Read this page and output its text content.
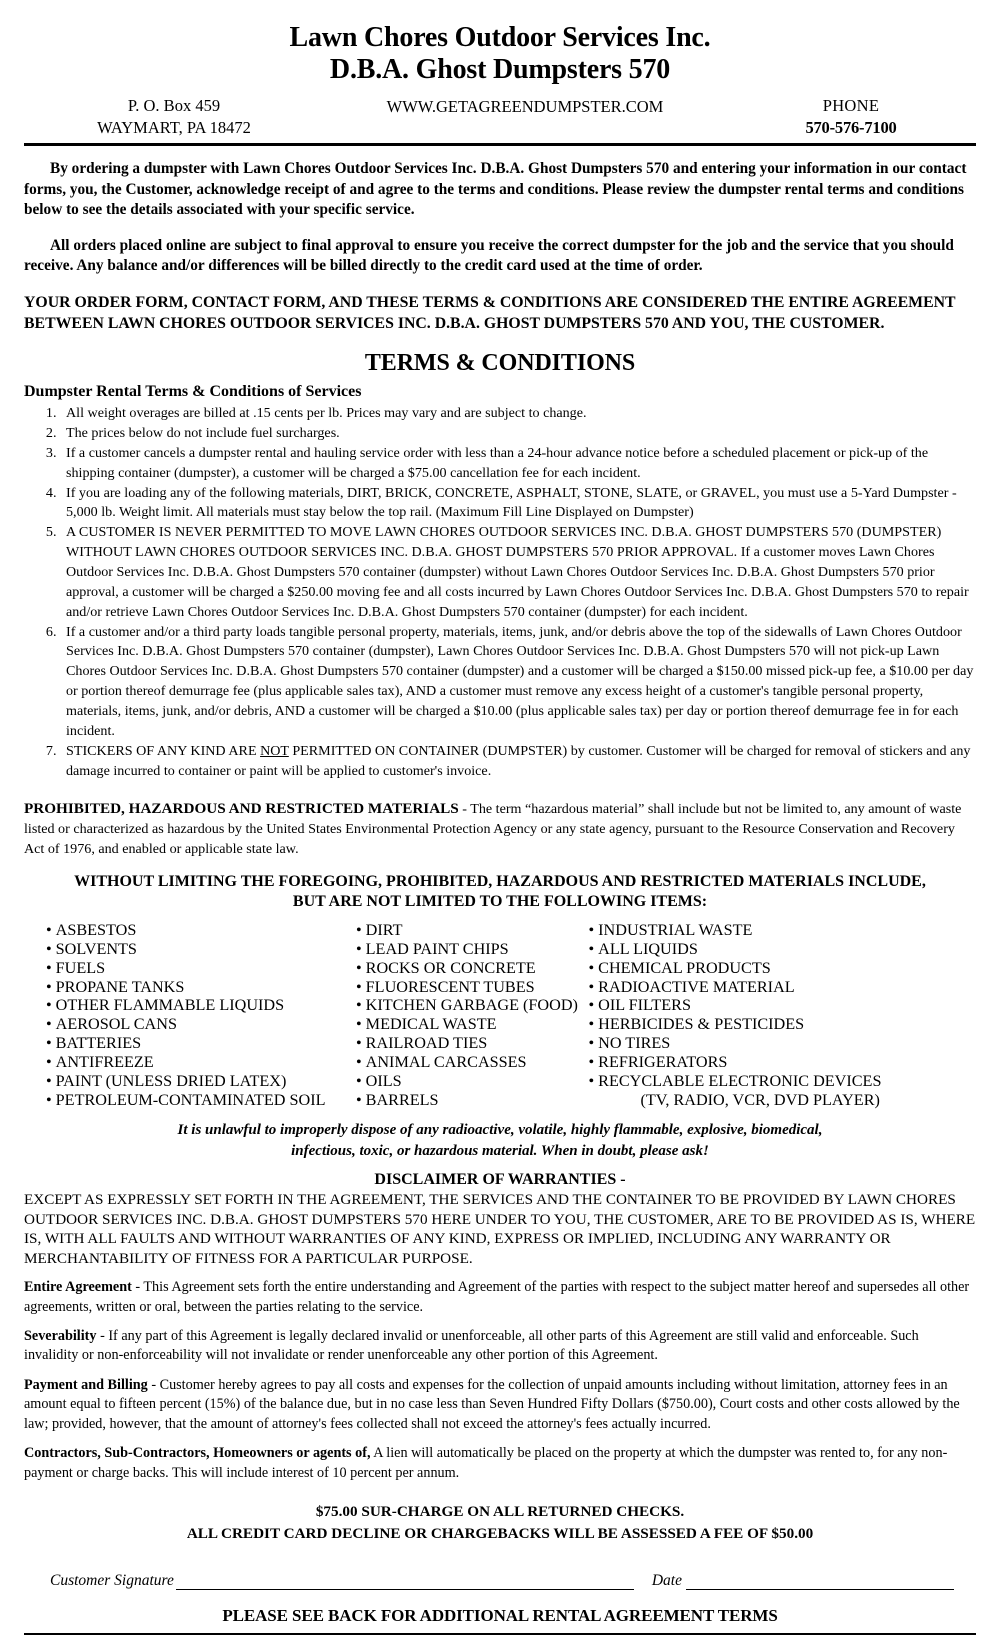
Lawn Chores Outdoor Services Inc.
D.B.A. Ghost Dumpsters 570
P. O. Box 459
WAYMART, PA 18472
WWW.GETAGREENDUMPSTER.COM	PHONE
570-576-7100

By ordering a dumpster with Lawn Chores Outdoor Services Inc. D.B.A. Ghost Dumpsters 570 and entering your information in our contact forms, you, the Customer, acknowledge receipt of and agree to the terms and conditions. Please review the dumpster rental terms and conditions below to see the details associated with your specific service.

All orders placed online are subject to final approval to ensure you receive the correct dumpster for the job and the service that you should receive. Any balance and/or differences will be billed directly to the credit card used at the time of order.

YOUR ORDER FORM, CONTACT FORM, AND THESE TERMS & CONDITIONS ARE CONSIDERED THE ENTIRE AGREEMENT BETWEEN LAWN CHORES OUTDOOR SERVICES INC. D.B.A. GHOST DUMPSTERS 570 AND YOU, THE CUSTOMER.

TERMS & CONDITIONS
Dumpster Rental Terms & Conditions of Services
1. All weight overages are billed at .15 cents per lb. Prices may vary and are subject to change.
2. The prices below do not include fuel surcharges.
3. If a customer cancels a dumpster rental and hauling service order with less than a 24-hour advance notice before a scheduled placement or pick-up of the shipping container (dumpster), a customer will be charged a $75.00 cancellation fee for each incident.
4. If you are loading any of the following materials, DIRT, BRICK, CONCRETE, ASPHALT, STONE, SLATE, or GRAVEL, you must use a 5-Yard Dumpster - 5,000 lb. Weight limit. All materials must stay below the top rail. (Maximum Fill Line Displayed on Dumpster)
5. A CUSTOMER IS NEVER PERMITTED TO MOVE LAWN CHORES OUTDOOR SERVICES INC. D.B.A. GHOST DUMPSTERS 570 (DUMPSTER) WITHOUT LAWN CHORES OUTDOOR SERVICES INC. D.B.A. GHOST DUMPSTERS 570 PRIOR APPROVAL. If a customer moves Lawn Chores Outdoor Services Inc. D.B.A. Ghost Dumpsters 570 container (dumpster) without Lawn Chores Outdoor Services Inc. D.B.A. Ghost Dumpsters 570 prior approval, a customer will be charged a $250.00 moving fee and all costs incurred by Lawn Chores Outdoor Services Inc. D.B.A. Ghost Dumpsters 570 to repair and/or retrieve Lawn Chores Outdoor Services Inc. D.B.A. Ghost Dumpsters 570 container (dumpster) for each incident.
6. If a customer and/or a third party loads tangible personal property, materials, items, junk, and/or debris above the top of the sidewalls of Lawn Chores Outdoor Services Inc. D.B.A. Ghost Dumpsters 570 container (dumpster), Lawn Chores Outdoor Services Inc. D.B.A. Ghost Dumpsters 570 will not pick-up Lawn Chores Outdoor Services Inc. D.B.A. Ghost Dumpsters 570 container (dumpster) and a customer will be charged a $150.00 missed pick-up fee, a $10.00 per day or portion thereof demurrage fee (plus applicable sales tax), AND a customer must remove any excess height of a customer's tangible personal property, materials, items, junk, and/or debris, AND a customer will be charged a $10.00 (plus applicable sales tax) per day or portion thereof demurrage fee in for each incident.
7. STICKERS OF ANY KIND ARE NOT PERMITTED ON CONTAINER (DUMPSTER) by customer. Customer will be charged for removal of stickers and any damage incurred to container or paint will be applied to customer's invoice.
PROHIBITED, HAZARDOUS AND RESTRICTED MATERIALS - The term “hazardous material” shall include but not be limited to, any amount of waste listed or characterized as hazardous by the United States Environmental Protection Agency or any state agency, pursuant to the Resource Conservation and Recovery Act of 1976, and enabled or applicable state law.
WITHOUT LIMITING THE FOREGOING, PROHIBITED, HAZARDOUS AND RESTRICTED MATERIALS INCLUDE,
BUT ARE NOT LIMITED TO THE FOLLOWING ITEMS:
• ASBESTOS
• SOLVENTS
• FUELS
• PROPANE TANKS
• OTHER FLAMMABLE LIQUIDS
• AEROSOL CANS
• BATTERIES
• ANTIFREEZE
• PAINT (UNLESS DRIED LATEX)
• PETROLEUM-CONTAMINATED SOIL
• DIRT
• LEAD PAINT CHIPS
• ROCKS OR CONCRETE
• FLUORESCENT TUBES
• KITCHEN GARBAGE (FOOD)
• MEDICAL WASTE
• RAILROAD TIES
• ANIMAL CARCASSES
• OILS
• BARRELS
• INDUSTRIAL WASTE
• ALL LIQUIDS
• CHEMICAL PRODUCTS
• RADIOACTIVE MATERIAL
• OIL FILTERS
• HERBICIDES & PESTICIDES
• NO TIRES
• REFRIGERATORS
• RECYCLABLE ELECTRONIC DEVICES
(TV, RADIO, VCR, DVD PLAYER)
It is unlawful to improperly dispose of any radioactive, volatile, highly flammable, explosive, biomedical,
infectious, toxic, or hazardous material. When in doubt, please ask!
DISCLAIMER OF WARRANTIES -
EXCEPT AS EXPRESSLY SET FORTH IN THE AGREEMENT, THE SERVICES AND THE CONTAINER TO BE PROVIDED BY LAWN CHORES OUTDOOR SERVICES INC. D.B.A. GHOST DUMPSTERS 570 HERE UNDER TO YOU, THE CUSTOMER, ARE TO BE PROVIDED AS IS, WHERE IS, WITH ALL FAULTS AND WITHOUT WARRANTIES OF ANY KIND, EXPRESS OR IMPLIED, INCLUDING ANY WARRANTY OR MERCHANTABILITY OF FITNESS FOR A PARTICULAR PURPOSE.
Entire Agreement - This Agreement sets forth the entire understanding and Agreement of the parties with respect to the subject matter hereof and supersedes all other agreements, written or oral, between the parties relating to the service.
Severability - If any part of this Agreement is legally declared invalid or unenforceable, all other parts of this Agreement are still valid and enforceable. Such invalidity or non-enforceability will not invalidate or render unenforceable any other portion of this Agreement.
Payment and Billing - Customer hereby agrees to pay all costs and expenses for the collection of unpaid amounts including without limitation, attorney fees in an amount equal to fifteen percent (15%) of the balance due, but in no case less than Seven Hundred Fifty Dollars ($750.00), Court costs and other costs allowed by the law; provided, however, that the amount of attorney's fees collected shall not exceed the attorney's fees actually incurred.
Contractors, Sub-Contractors, Homeowners or agents of, A lien will automatically be placed on the property at which the dumpster was rented to, for any non-payment or charge backs. This will include interest of 10 percent per annum.
$75.00 SUR-CHARGE ON ALL RETURNED CHECKS.
ALL CREDIT CARD DECLINE OR CHARGEBACKS WILL BE ASSESSED A FEE OF $50.00
Customer Signature	Date
PLEASE SEE BACK FOR ADDITIONAL RENTAL AGREEMENT TERMS
